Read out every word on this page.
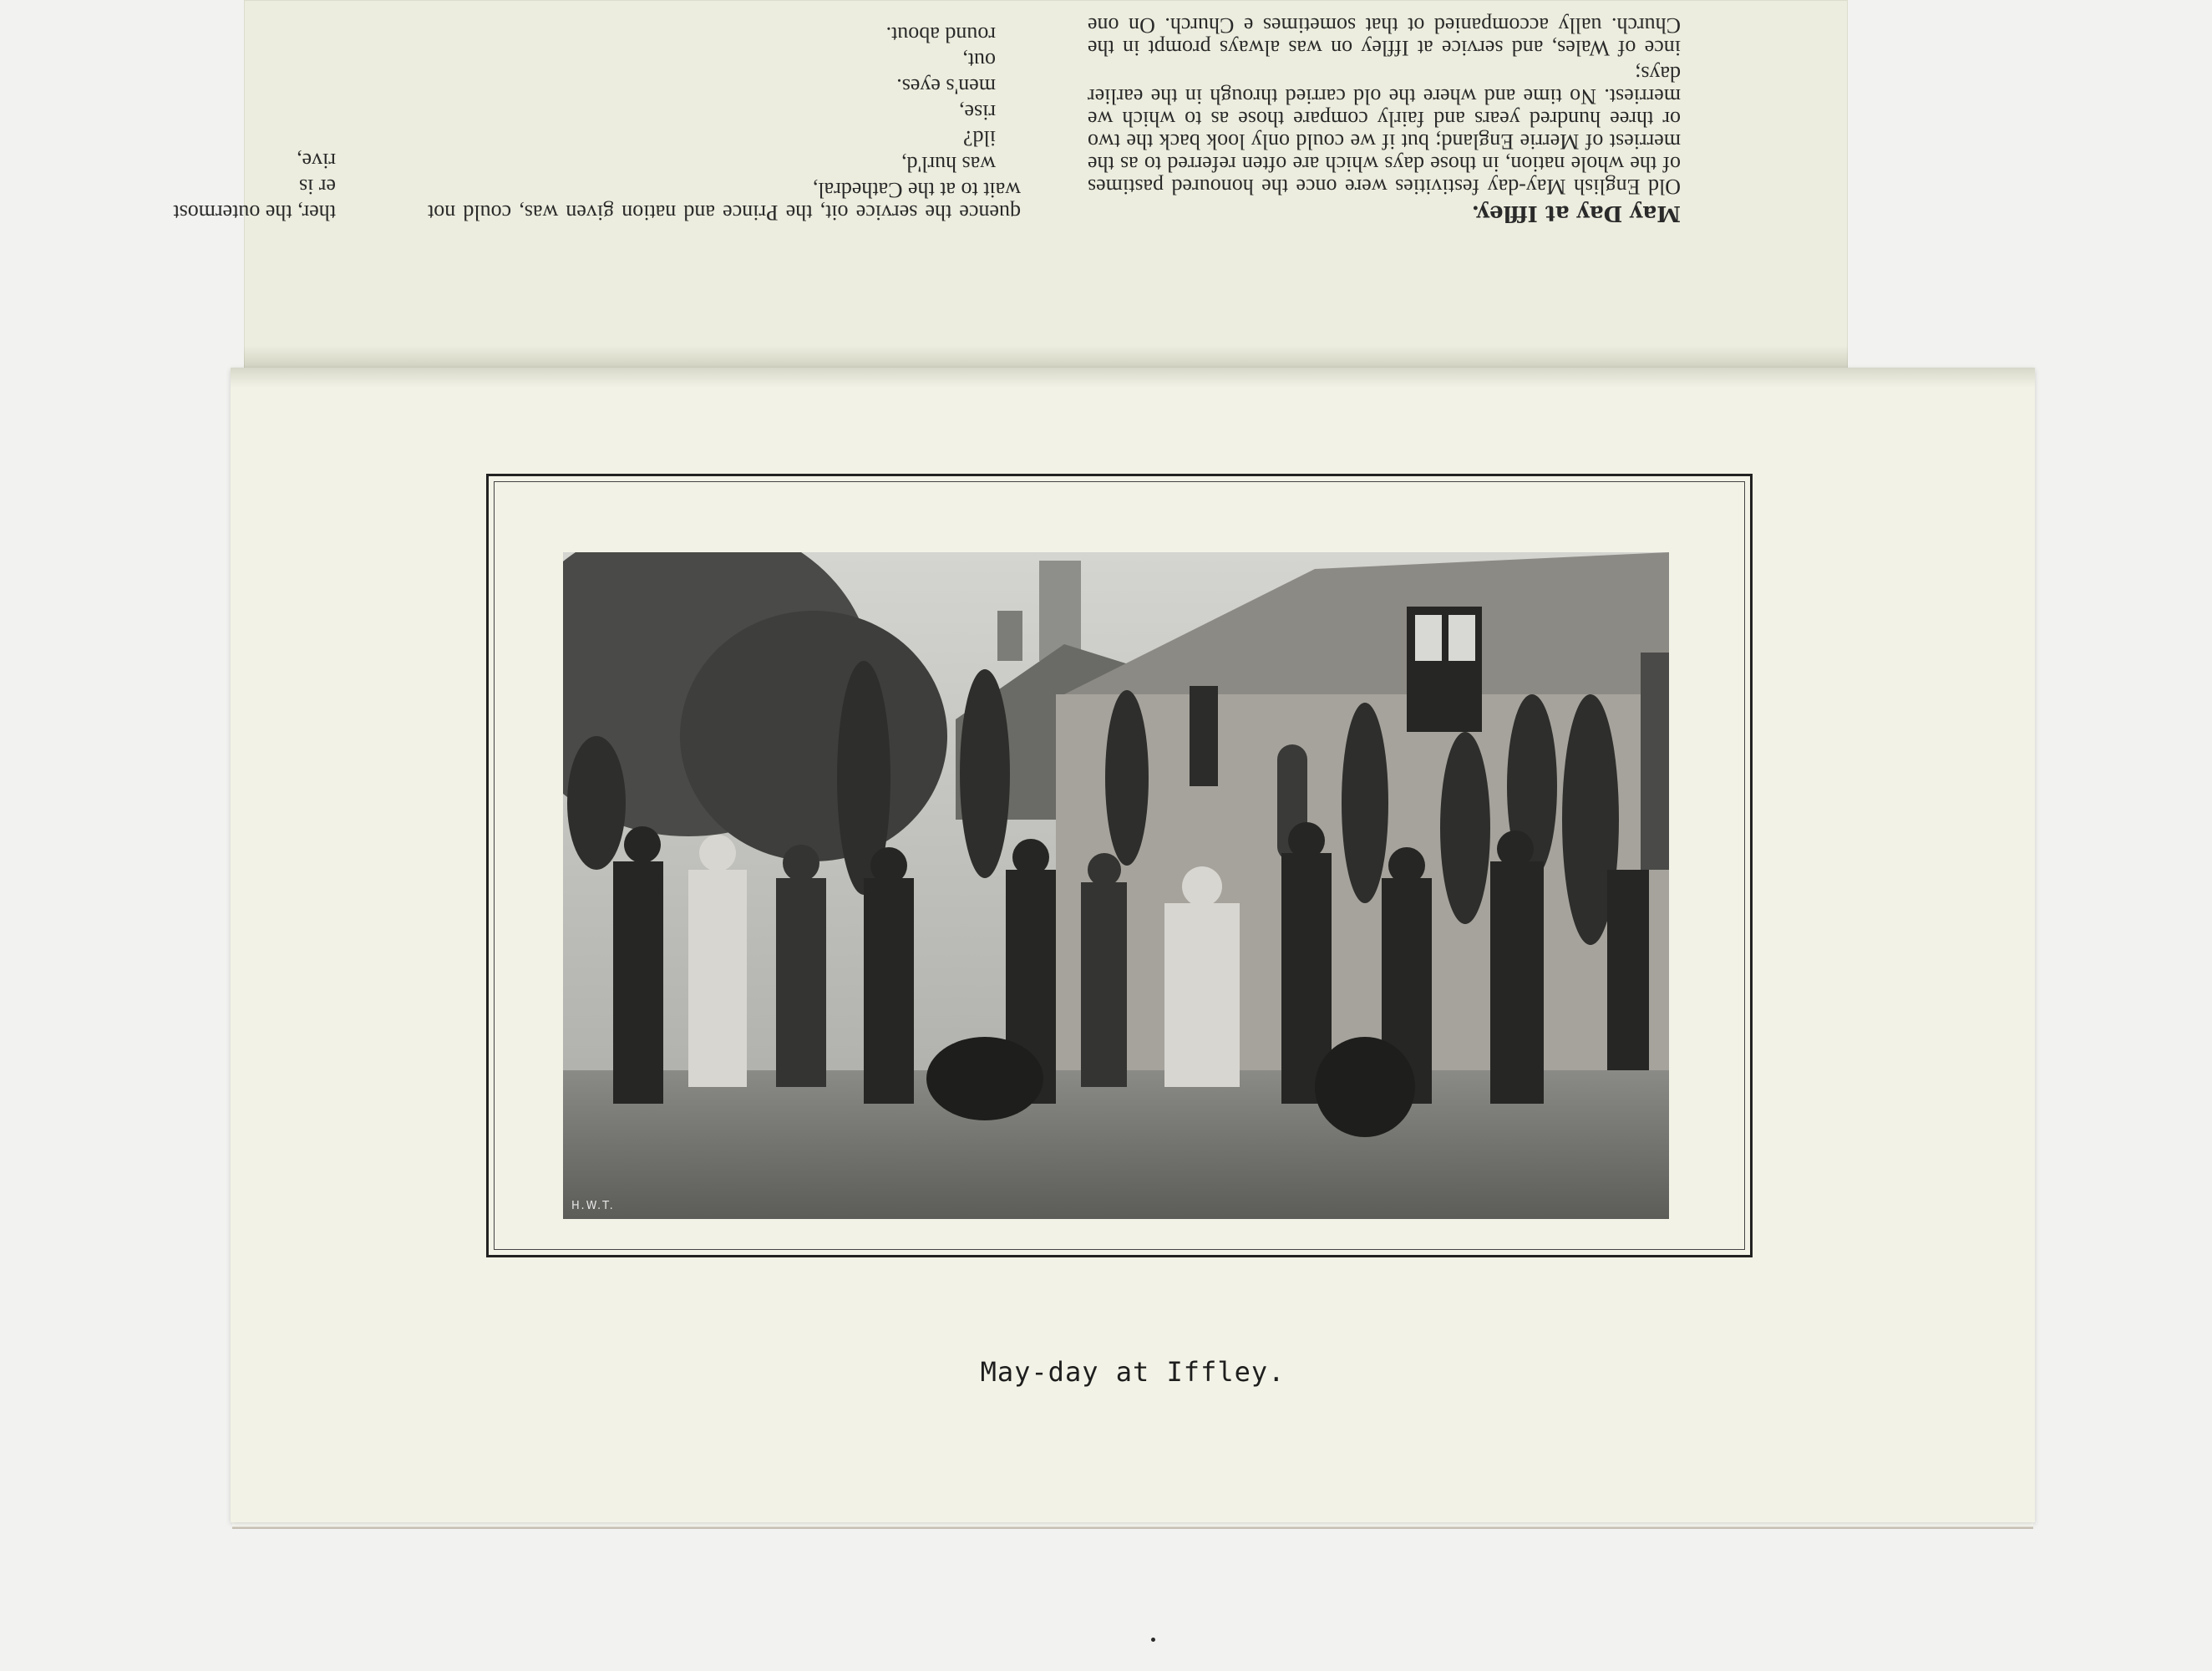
May Day at Iffley.

Old English May-day festivities were once the honoured pastimes of the whole nation, in those days which are often referred to as the merriest of Merrie England; but if we could only look back the two or three hundred years and fairly compare those as to which we merriest. No time and where the old carried through in the earlier days;

ince of Wales, and service at Iffley on was always prompt in the Church. ually accompanied ot that sometimes e Church. On one quence the service oit, the Prince and nation given was, could not wait to at the Cathedral,

was hurl'd,

ild?

rise,

men's eyes.

out,

round about.

ther, the outermost

er is

rive,

H.W.T.
May-day at Iffley.
